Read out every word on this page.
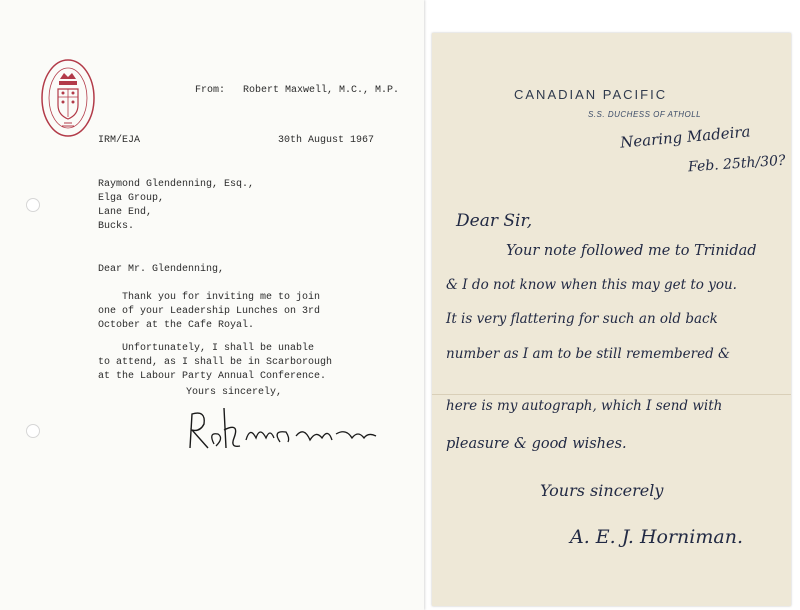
From:   Robert Maxwell, M.C., M.P.
IRM/EJA	30th August 1967
Raymond Glendenning, Esq.,
Elga Group,
Lane End,
Bucks.
Dear Mr. Glendenning,
Thank you for inviting me to join
one of your Leadership Lunches on 3rd
October at the Cafe Royal.
Unfortunately, I shall be unable
to attend, as I shall be in Scarborough
at the Labour Party Annual Conference.
Yours sincerely,
CANADIAN PACIFIC
S.S. DUCHESS OF ATHOLL
Nearing Madeira
Feb. 25th/30?
Dear Sir,
Your note followed me to Trinidad
& I do not know when this may get to you.
It is very flattering for such an old back
number as I am to be still remembered &
here is my autograph, which I send with
pleasure & good wishes.
Yours sincerely
A. E. J. Horniman.
